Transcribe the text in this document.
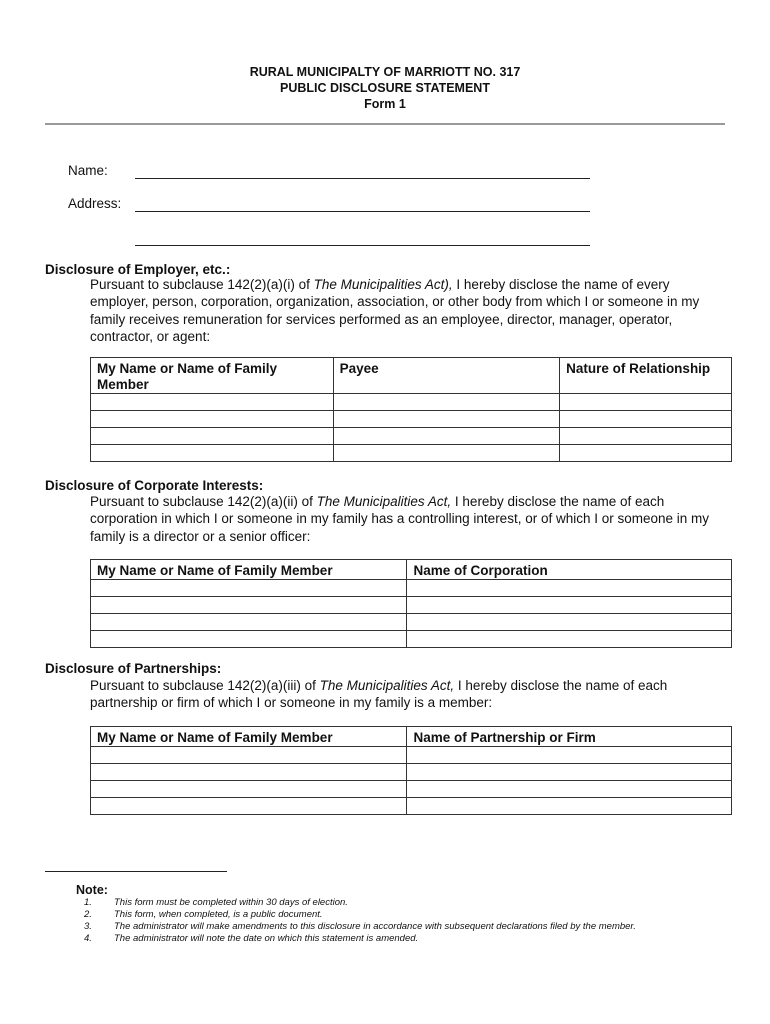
RURAL MUNICIPALTY OF MARRIOTT NO. 317
PUBLIC DISCLOSURE STATEMENT
Form 1
Name:
Address:
Disclosure of Employer, etc.:
Pursuant to subclause 142(2)(a)(i) of The Municipalities Act), I hereby disclose the name of every employer, person, corporation, organization, association, or other body from which I or someone in my family receives remuneration for services performed as an employee, director, manager, operator, contractor, or agent:
My Name or Name of Family Member	Payee	Nature of Relationship

Disclosure of Corporate Interests:
Pursuant to subclause 142(2)(a)(ii) of The Municipalities Act, I hereby disclose the name of each corporation in which I or someone in my family has a controlling interest, or of which I or someone in my family is a director or a senior officer:
My Name or Name of Family Member	Name of Corporation

Disclosure of Partnerships:
Pursuant to subclause 142(2)(a)(iii) of The Municipalities Act, I hereby disclose the name of each partnership or firm of which I or someone in my family is a member:
My Name or Name of Family Member	Name of Partnership or Firm

Note:
1. This form must be completed within 30 days of election.
2. This form, when completed, is a public document.
3. The administrator will make amendments to this disclosure in accordance with subsequent declarations filed by the member.
4. The administrator will note the date on which this statement is amended.
